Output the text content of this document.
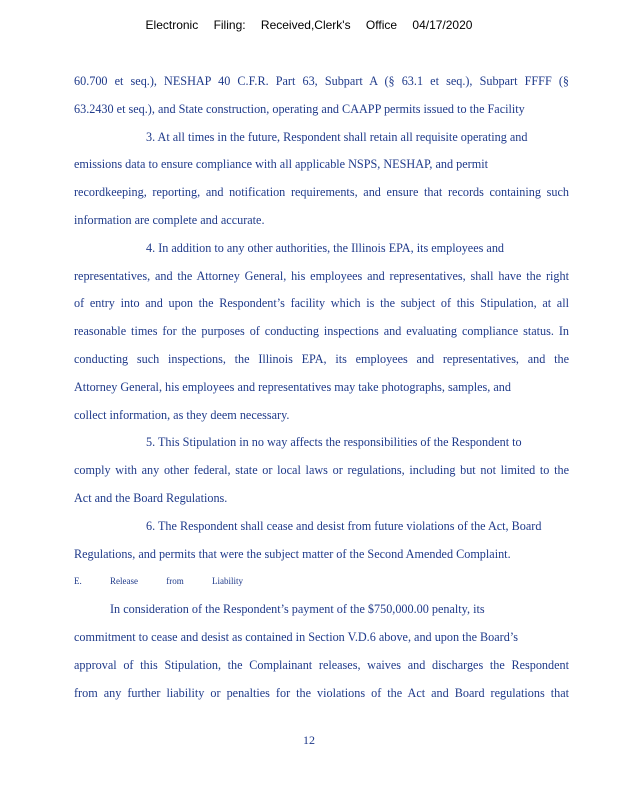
Electronic Filing: Received,Clerk's Office 04/17/2020
60.700 et seq.), NESHAP 40 C.F.R. Part 63, Subpart A (§ 63.1 et seq.), Subpart FFFF (§
63.2430 et seq.), and State construction, operating and CAAPP permits issued to the Facility
3. At all times in the future, Respondent shall retain all requisite operating and
emissions data to ensure compliance with all applicable NSPS, NESHAP, and permit
recordkeeping, reporting, and notification requirements, and ensure that records containing such
information are complete and accurate.
4. In addition to any other authorities, the Illinois EPA, its employees and
representatives, and the Attorney General, his employees and representatives, shall have the right
of entry into and upon the Respondent’s facility which is the subject of this Stipulation, at all
reasonable times for the purposes of conducting inspections and evaluating compliance status. In
conducting such inspections, the Illinois EPA, its employees and representatives, and the
Attorney General, his employees and representatives may take photographs, samples, and
collect information, as they deem necessary.
5. This Stipulation in no way affects the responsibilities of the Respondent to
comply with any other federal, state or local laws or regulations, including but not limited to the
Act and the Board Regulations.
6. The Respondent shall cease and desist from future violations of the Act, Board
Regulations, and permits that were the subject matter of the Second Amended Complaint.
E.	Release	from	Liability
In consideration of the Respondent’s payment of the $750,000.00 penalty, its
commitment to cease and desist as contained in Section V.D.6 above, and upon the Board’s
approval of this Stipulation, the Complainant releases, waives and discharges the Respondent
from any further liability or penalties for the violations of the Act and Board regulations that
12
